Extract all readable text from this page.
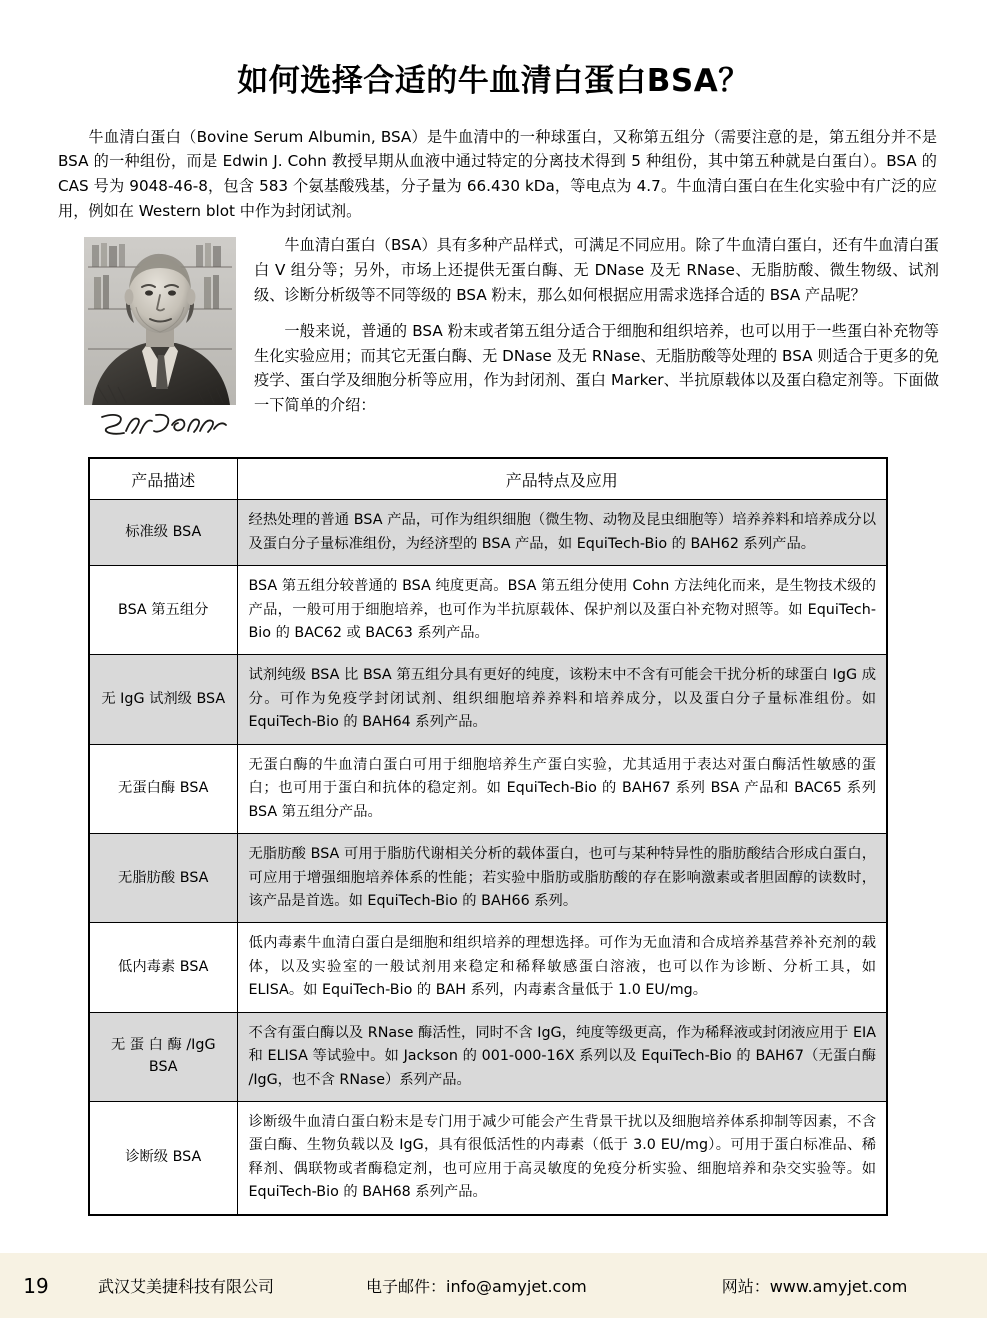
如何选择合适的牛血清白蛋白BSA？

牛血清白蛋白（Bovine Serum Albumin, BSA）是牛血清中的一种球蛋白，又称第五组分（需要注意的是，第五组分并不是 BSA 的一种组份，而是 Edwin J. Cohn 教授早期从血液中通过特定的分离技术得到 5 种组份，其中第五种就是白蛋白）。BSA 的 CAS 号为 9048-46-8，包含 583 个氨基酸残基，分子量为 66.430 kDa，等电点为 4.7。牛血清白蛋白在生化实验中有广泛的应用，例如在 Western blot 中作为封闭试剂。

牛血清白蛋白（BSA）具有多种产品样式，可满足不同应用。除了牛血清白蛋白，还有牛血清白蛋白 V 组分等；另外，市场上还提供无蛋白酶、无 DNase 及无 RNase、无脂肪酸、微生物级、试剂级、诊断分析级等不同等级的 BSA 粉末，那么如何根据应用需求选择合适的 BSA 产品呢？

一般来说，普通的 BSA 粉末或者第五组分适合于细胞和组织培养，也可以用于一些蛋白补充物等生化实验应用；而其它无蛋白酶、无 DNase 及无 RNase、无脂肪酸等处理的 BSA 则适合于更多的免疫学、蛋白学及细胞分析等应用，作为封闭剂、蛋白 Marker、半抗原载体以及蛋白稳定剂等。下面做一下简单的介绍：

产品描述	产品特点及应用
标准级 BSA	经热处理的普通 BSA 产品，可作为组织细胞（微生物、动物及昆虫细胞等）培养养料和培养成分以及蛋白分子量标准组份，为经济型的 BSA 产品，如 EquiTech-Bio 的 BAH62 系列产品。
BSA 第五组分	BSA 第五组分较普通的 BSA 纯度更高。BSA 第五组分使用 Cohn 方法纯化而来，是生物技术级的产品，一般可用于细胞培养，也可作为半抗原载体、保护剂以及蛋白补充物对照等。如 EquiTech-Bio 的 BAC62 或 BAC63 系列产品。
无 IgG 试剂级 BSA	试剂纯级 BSA 比 BSA 第五组分具有更好的纯度，该粉末中不含有可能会干扰分析的球蛋白 IgG 成分。可作为免疫学封闭试剂、组织细胞培养养料和培养成分，以及蛋白分子量标准组份。如 EquiTech-Bio 的 BAH64 系列产品。
无蛋白酶 BSA	无蛋白酶的牛血清白蛋白可用于细胞培养生产蛋白实验，尤其适用于表达对蛋白酶活性敏感的蛋白；也可用于蛋白和抗体的稳定剂。如 EquiTech-Bio 的 BAH67 系列 BSA 产品和 BAC65 系列 BSA 第五组分产品。
无脂肪酸 BSA	无脂肪酸 BSA 可用于脂肪代谢相关分析的载体蛋白，也可与某种特异性的脂肪酸结合形成白蛋白，可应用于增强细胞培养体系的性能；若实验中脂肪或脂肪酸的存在影响激素或者胆固醇的读数时，该产品是首选。如 EquiTech-Bio 的 BAH66 系列。
低内毒素 BSA	低内毒素牛血清白蛋白是细胞和组织培养的理想选择。可作为无血清和合成培养基营养补充剂的载体，以及实验室的一般试剂用来稳定和稀释敏感蛋白溶液，也可以作为诊断、分析工具，如 ELISA。如 EquiTech-Bio 的 BAH 系列，内毒素含量低于 1.0 EU/mg。
无 蛋 白 酶 /IgG BSA	不含有蛋白酶以及 RNase 酶活性，同时不含 IgG，纯度等级更高，作为稀释液或封闭液应用于 EIA 和 ELISA 等试验中。如 Jackson 的 001-000-16X 系列以及 EquiTech-Bio 的 BAH67（无蛋白酶 /IgG，也不含 RNase）系列产品。
诊断级 BSA	诊断级牛血清白蛋白粉末是专门用于减少可能会产生背景干扰以及细胞培养体系抑制等因素，不含蛋白酶、生物负载以及 IgG，具有很低活性的内毒素（低于 3.0 EU/mg）。可用于蛋白标准品、稀释剂、偶联物或者酶稳定剂，也可应用于高灵敏度的免疫分析实验、细胞培养和杂交实验等。如 EquiTech-Bio 的 BAH68 系列产品。
19	武汉艾美捷科技有限公司	电子邮件：info@amyjet.com	网站：www.amyjet.com
